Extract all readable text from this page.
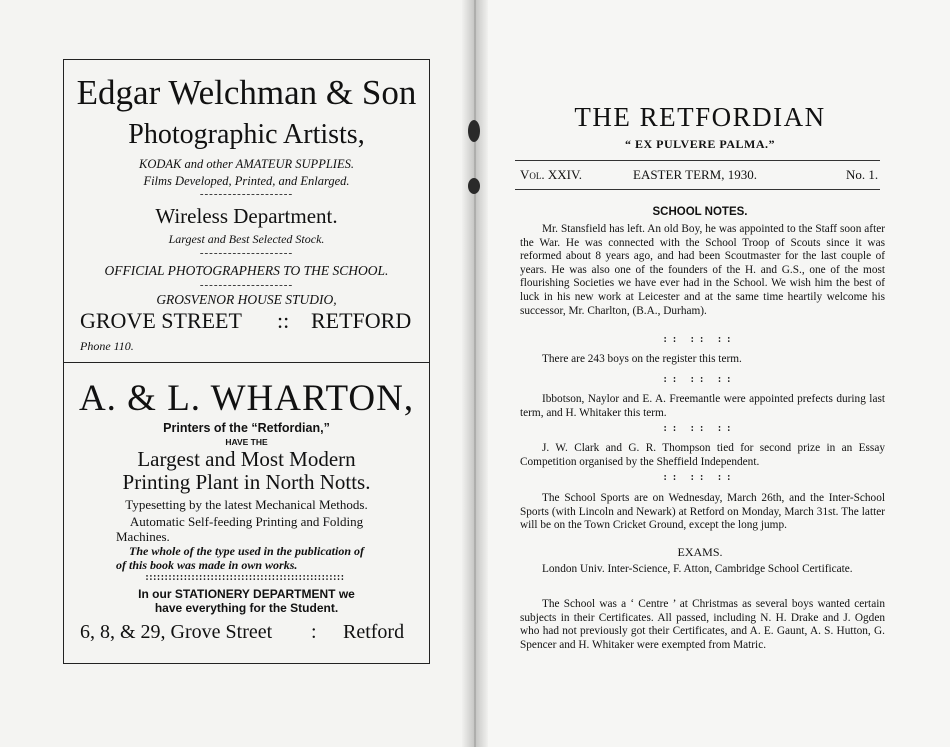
Edgar Welchman & Son
Photographic Artists,
KODAK and other AMATEUR SUPPLIES.
Films Developed, Printed, and Enlarged.
--------------------
Wireless Department.
Largest and Best Selected Stock.
--------------------
OFFICIAL PHOTOGRAPHERS TO THE SCHOOL.
--------------------
GROSVENOR HOUSE STUDIO,
GROVE STREET :: RETFORD
Phone 110.
A. & L. WHARTON,
Printers of the “Retfordian,”
HAVE THE
Largest and Most Modern
Printing Plant in North Notts.
Typesetting by the latest Mechanical Methods.
Automatic Self-feeding Printing and Folding
Machines.
The whole of the type used in the publication of
of this book was made in own works.
::::::::::::::::::::::::::::::::::::::::::::::::::::
In our STATIONERY DEPARTMENT we
have everything for the Student.
6, 8, & 29, Grove Street : Retford
THE RETFORDIAN
“ EX PULVERE PALMA.”
Vol. XXIV.	EASTER TERM, 1930.	No. 1.
SCHOOL NOTES.
Mr. Stansfield has left. An old Boy, he was appointed to the Staff soon after the War. He was connected with the School Troop of Scouts since it was reformed about 8 years ago, and had been Scoutmaster for the last couple of years. He was also one of the founders of the H. and G.S., one of the most flourishing Societies we have ever had in the School. We wish him the best of luck in his new work at Leicester and at the same time heartily welcome his successor, Mr. Charlton, (B.A., Durham).
:: :: ::
There are 243 boys on the register this term.
:: :: ::
Ibbotson, Naylor and E. A. Freemantle were appointed prefects during last term, and H. Whitaker this term.
:: :: ::
J. W. Clark and G. R. Thompson tied for second prize in an Essay Competition organised by the Sheffield Independent.
:: :: ::
The School Sports are on Wednesday, March 26th, and the Inter-School Sports (with Lincoln and Newark) at Retford on Monday, March 31st. The latter will be on the Town Cricket Ground, except the long jump.
EXAMS.
London Univ. Inter-Science, F. Atton, Cambridge School Certificate.
The School was a ‘ Centre ’ at Christmas as several boys wanted certain subjects in their Certificates. All passed, including N. H. Drake and J. Ogden who had not previously got their Certificates, and A. E. Gaunt, A. S. Hutton, G. Spencer and H. Whitaker were exempted from Matric.
